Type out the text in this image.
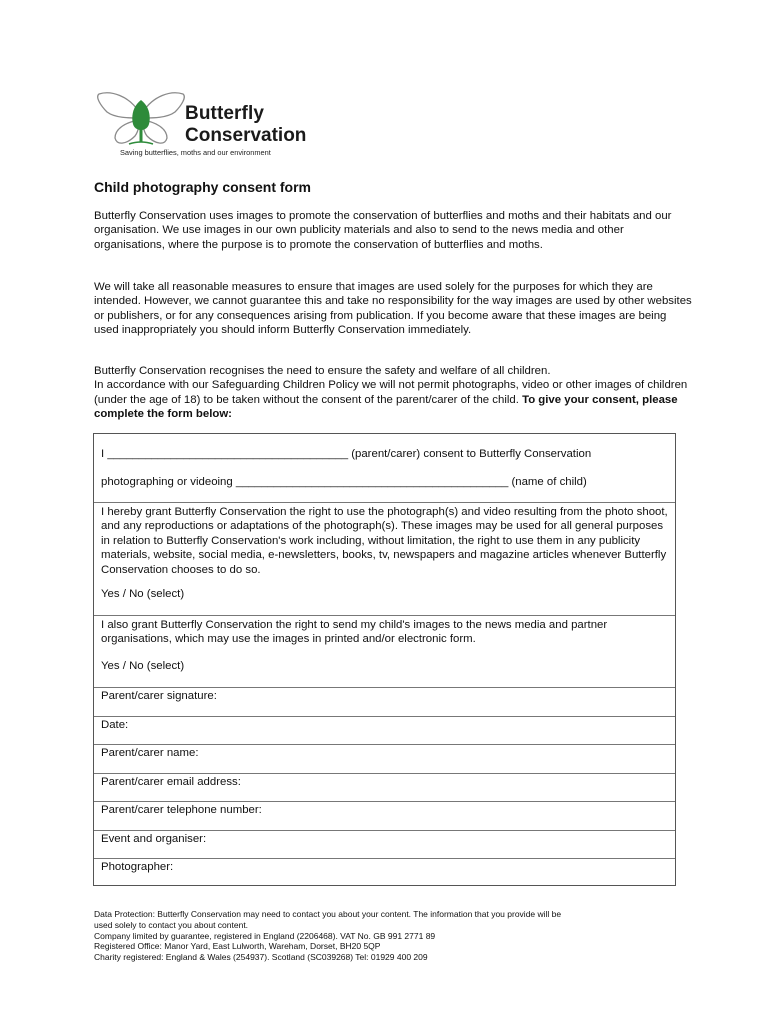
Butterfly
Conservation
Saving butterflies, moths and our environment
Child photography consent form

Butterfly Conservation uses images to promote the conservation of butterflies and moths and their habitats and our organisation. We use images in our own publicity materials and also to send to the news media and other organisations, where the purpose is to promote the conservation of butterflies and moths.

We will take all reasonable measures to ensure that images are used solely for the purposes for which they are intended. However, we cannot guarantee this and take no responsibility for the way images are used by other websites or publishers, or for any consequences arising from publication. If you become aware that these images are being used inappropriately you should inform Butterfly Conservation immediately.

Butterfly Conservation recognises the need to ensure the safety and welfare of all children.

In accordance with our Safeguarding Children Policy we will not permit photographs, video or other images of children (under the age of 18) to be taken without the consent of the parent/carer of the child. To give your consent, please complete the form below:

I ______________________________________ (parent/carer) consent to Butterfly Conservation
photographing or videoing ___________________________________________ (name of child)

I hereby grant Butterfly Conservation the right to use the photograph(s) and video resulting from the photo shoot, and any reproductions or adaptations of the photograph(s). These images may be used for all general purposes in relation to Butterfly Conservation's work including, without limitation, the right to use them in any publicity materials, website, social media, e-newsletters, books, tv, newspapers and magazine articles whenever Butterfly Conservation chooses to do so.

Yes / No (select)

I also grant Butterfly Conservation the right to send my child's images to the news media and partner organisations, which may use the images in printed and/or electronic form.

Yes / No (select)
Parent/carer signature:
Date:
Parent/carer name:
Parent/carer email address:
Parent/carer telephone number:
Event and organiser:
Photographer:
Data Protection: Butterfly Conservation may need to contact you about your content. The information that you provide will be
used solely to contact you about content.
Company limited by guarantee, registered in England (2206468). VAT No. GB 991 2771 89
Registered Office: Manor Yard, East Lulworth, Wareham, Dorset, BH20 5QP
Charity registered: England & Wales (254937). Scotland (SC039268) Tel: 01929 400 209
